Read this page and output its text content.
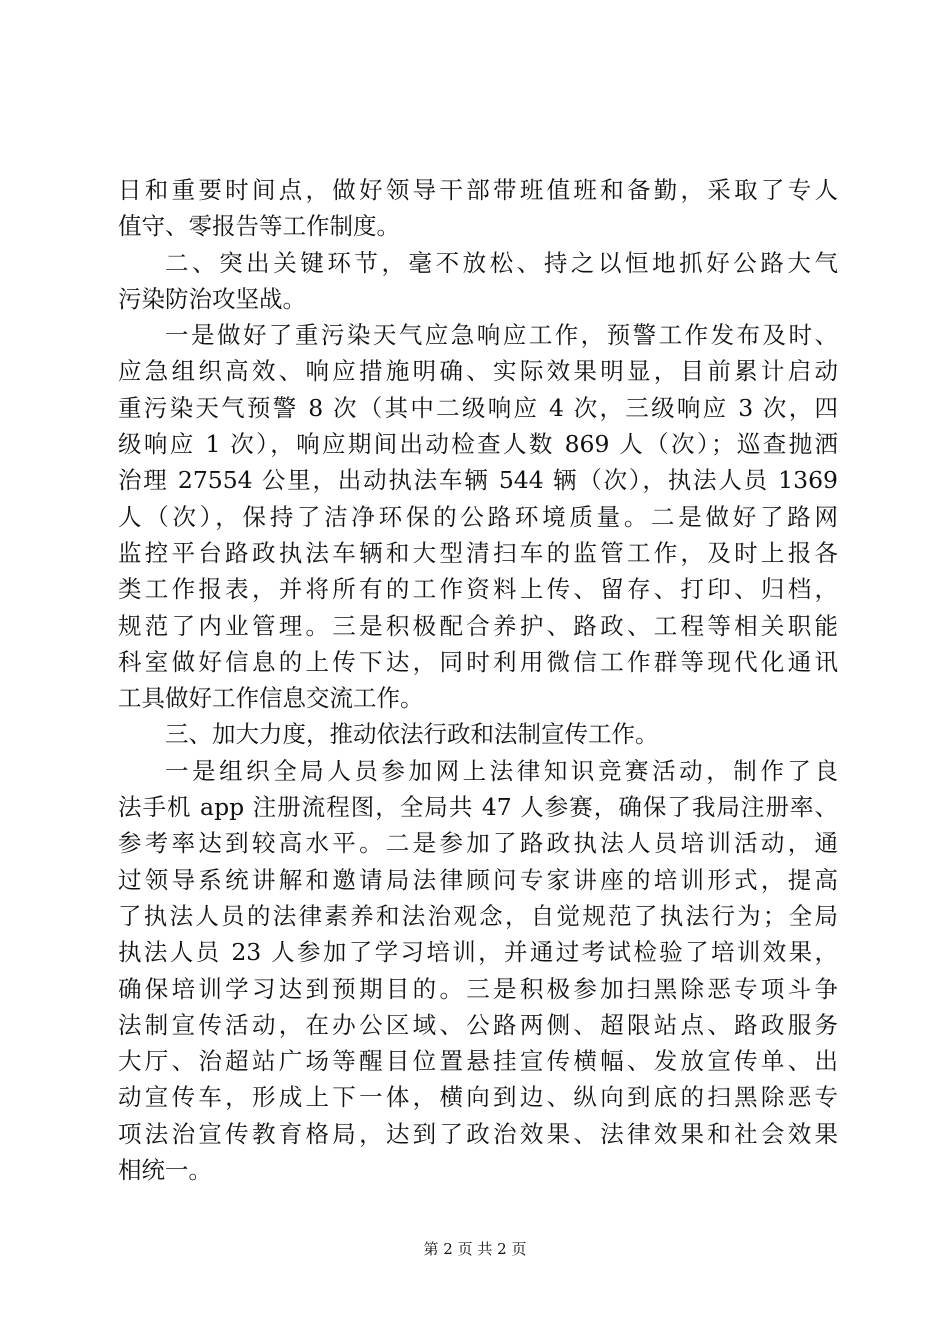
日和重要时间点，做好领导干部带班值班和备勤，采取了专人
值守、零报告等工作制度。
二、突出关键环节，毫不放松、持之以恒地抓好公路大气
污染防治攻坚战。
一是做好了重污染天气应急响应工作，预警工作发布及时、
应急组织高效、响应措施明确、实际效果明显，目前累计启动
重污染天气预警 8 次（其中二级响应 4 次，三级响应 3 次，四
级响应 1 次），响应期间出动检查人数 869 人（次）；巡查抛洒
治理 27554 公里，出动执法车辆 544 辆（次），执法人员 1369
人（次），保持了洁净环保的公路环境质量。二是做好了路网
监控平台路政执法车辆和大型清扫车的监管工作，及时上报各
类工作报表，并将所有的工作资料上传、留存、打印、归档，
规范了内业管理。三是积极配合养护、路政、工程等相关职能
科室做好信息的上传下达，同时利用微信工作群等现代化通讯
工具做好工作信息交流工作。
三、加大力度，推动依法行政和法制宣传工作。
一是组织全局人员参加网上法律知识竞赛活动，制作了良
法手机 app 注册流程图，全局共 47 人参赛，确保了我局注册率、
参考率达到较高水平。二是参加了路政执法人员培训活动，通
过领导系统讲解和邀请局法律顾问专家讲座的培训形式，提高
了执法人员的法律素养和法治观念，自觉规范了执法行为；全局
执法人员 23 人参加了学习培训，并通过考试检验了培训效果，
确保培训学习达到预期目的。三是积极参加扫黑除恶专项斗争
法制宣传活动，在办公区域、公路两侧、超限站点、路政服务
大厅、治超站广场等醒目位置悬挂宣传横幅、发放宣传单、出
动宣传车，形成上下一体，横向到边、纵向到底的扫黑除恶专
项法治宣传教育格局，达到了政治效果、法律效果和社会效果
相统一。
第 2 页 共 2 页
